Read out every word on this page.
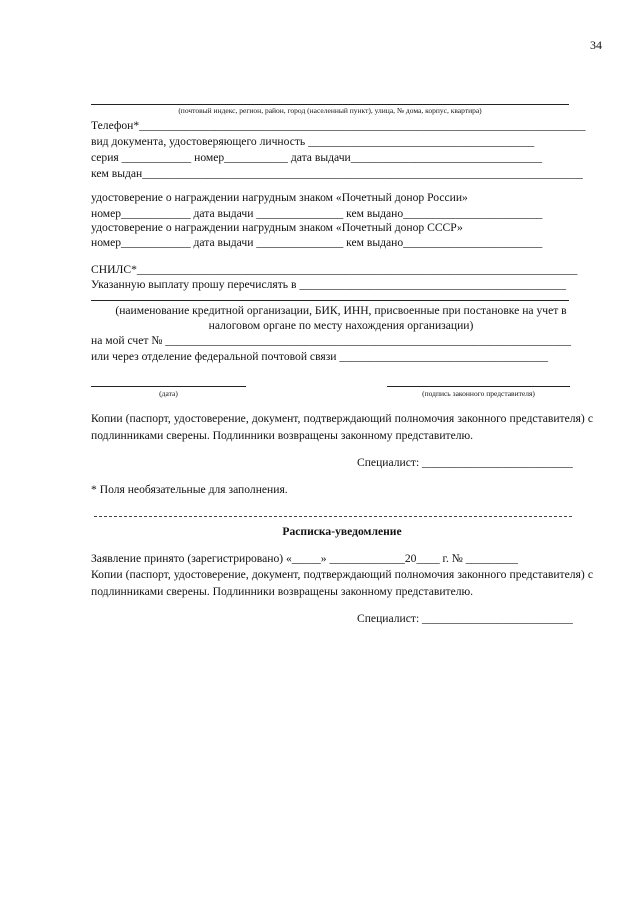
34
(почтовый индекс, регион, район, город (населенный пункт), улица, № дома, корпус, квартира)
Телефон*_____________________________________________________________________________
вид документа, удостоверяющего личность _______________________________________
серия ____________ номер___________ дата выдачи_________________________________
кем выдан____________________________________________________________________________
удостоверение о награждении нагрудным знаком «Почетный донор России»
номер____________ дата выдачи _______________ кем выдано________________________
удостоверение о награждении нагрудным знаком «Почетный донор СССР»
номер____________ дата выдачи _______________ кем выдано________________________
СНИЛС*____________________________________________________________________________
Указанную выплату прошу перечислять в ______________________________________________
(наименование кредитной организации, БИК, ИНН, присвоенные при постановке на учет в
налоговом органе по месту нахождения организации)
на мой счет № ______________________________________________________________________
или через отделение федеральной почтовой связи ____________________________________
(дата)	(подпись законного представителя)
Копии (паспорт, удостоверение, документ, подтверждающий полномочия законного представителя) с подлинниками сверены. Подлинники возвращены законному представителю.
Специалист: __________________________
* Поля необязательные для заполнения.
Расписка-уведомление
Заявление принято (зарегистрировано) «_____» _____________20____ г. № _________
Копии (паспорт, удостоверение, документ, подтверждающий полномочия законного представителя) с подлинниками сверены. Подлинники возвращены законному представителю.
Специалист: __________________________
